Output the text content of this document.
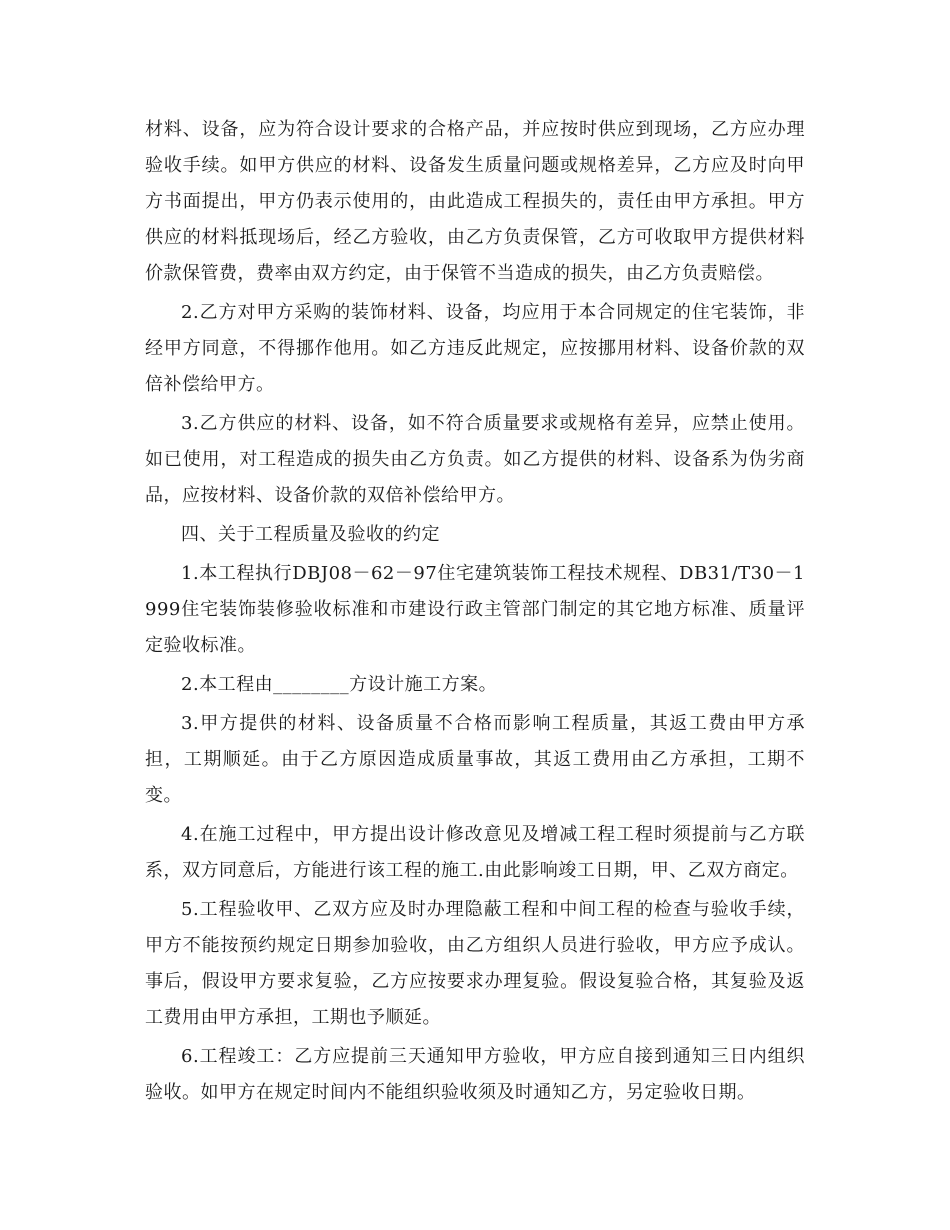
材料、设备，应为符合设计要求的合格产品，并应按时供应到现场，乙方应办理验收手续。如甲方供应的材料、设备发生质量问题或规格差异，乙方应及时向甲方书面提出，甲方仍表示使用的，由此造成工程损失的，责任由甲方承担。甲方供应的材料抵现场后，经乙方验收，由乙方负责保管，乙方可收取甲方提供材料价款保管费，费率由双方约定，由于保管不当造成的损失，由乙方负责赔偿。

2.乙方对甲方采购的装饰材料、设备，均应用于本合同规定的住宅装饰，非经甲方同意，不得挪作他用。如乙方违反此规定，应按挪用材料、设备价款的双倍补偿给甲方。

3.乙方供应的材料、设备，如不符合质量要求或规格有差异，应禁止使用。如已使用，对工程造成的损失由乙方负责。如乙方提供的材料、设备系为伪劣商品，应按材料、设备价款的双倍补偿给甲方。

四、关于工程质量及验收的约定

1.本工程执行DBJ08－62－97住宅建筑装饰工程技术规程、DB31/T30－1999住宅装饰装修验收标准和市建设行政主管部门制定的其它地方标准、质量评定验收标准。

2.本工程由________方设计施工方案。

3.甲方提供的材料、设备质量不合格而影响工程质量，其返工费由甲方承担，工期顺延。由于乙方原因造成质量事故，其返工费用由乙方承担，工期不变。

4.在施工过程中，甲方提出设计修改意见及增减工程工程时须提前与乙方联系，双方同意后，方能进行该工程的施工.由此影响竣工日期，甲、乙双方商定。

5.工程验收甲、乙双方应及时办理隐蔽工程和中间工程的检查与验收手续，甲方不能按预约规定日期参加验收，由乙方组织人员进行验收，甲方应予成认。事后，假设甲方要求复验，乙方应按要求办理复验。假设复验合格，其复验及返工费用由甲方承担，工期也予顺延。

6.工程竣工：乙方应提前三天通知甲方验收，甲方应自接到通知三日内组织验收。如甲方在规定时间内不能组织验收须及时通知乙方，另定验收日期。
